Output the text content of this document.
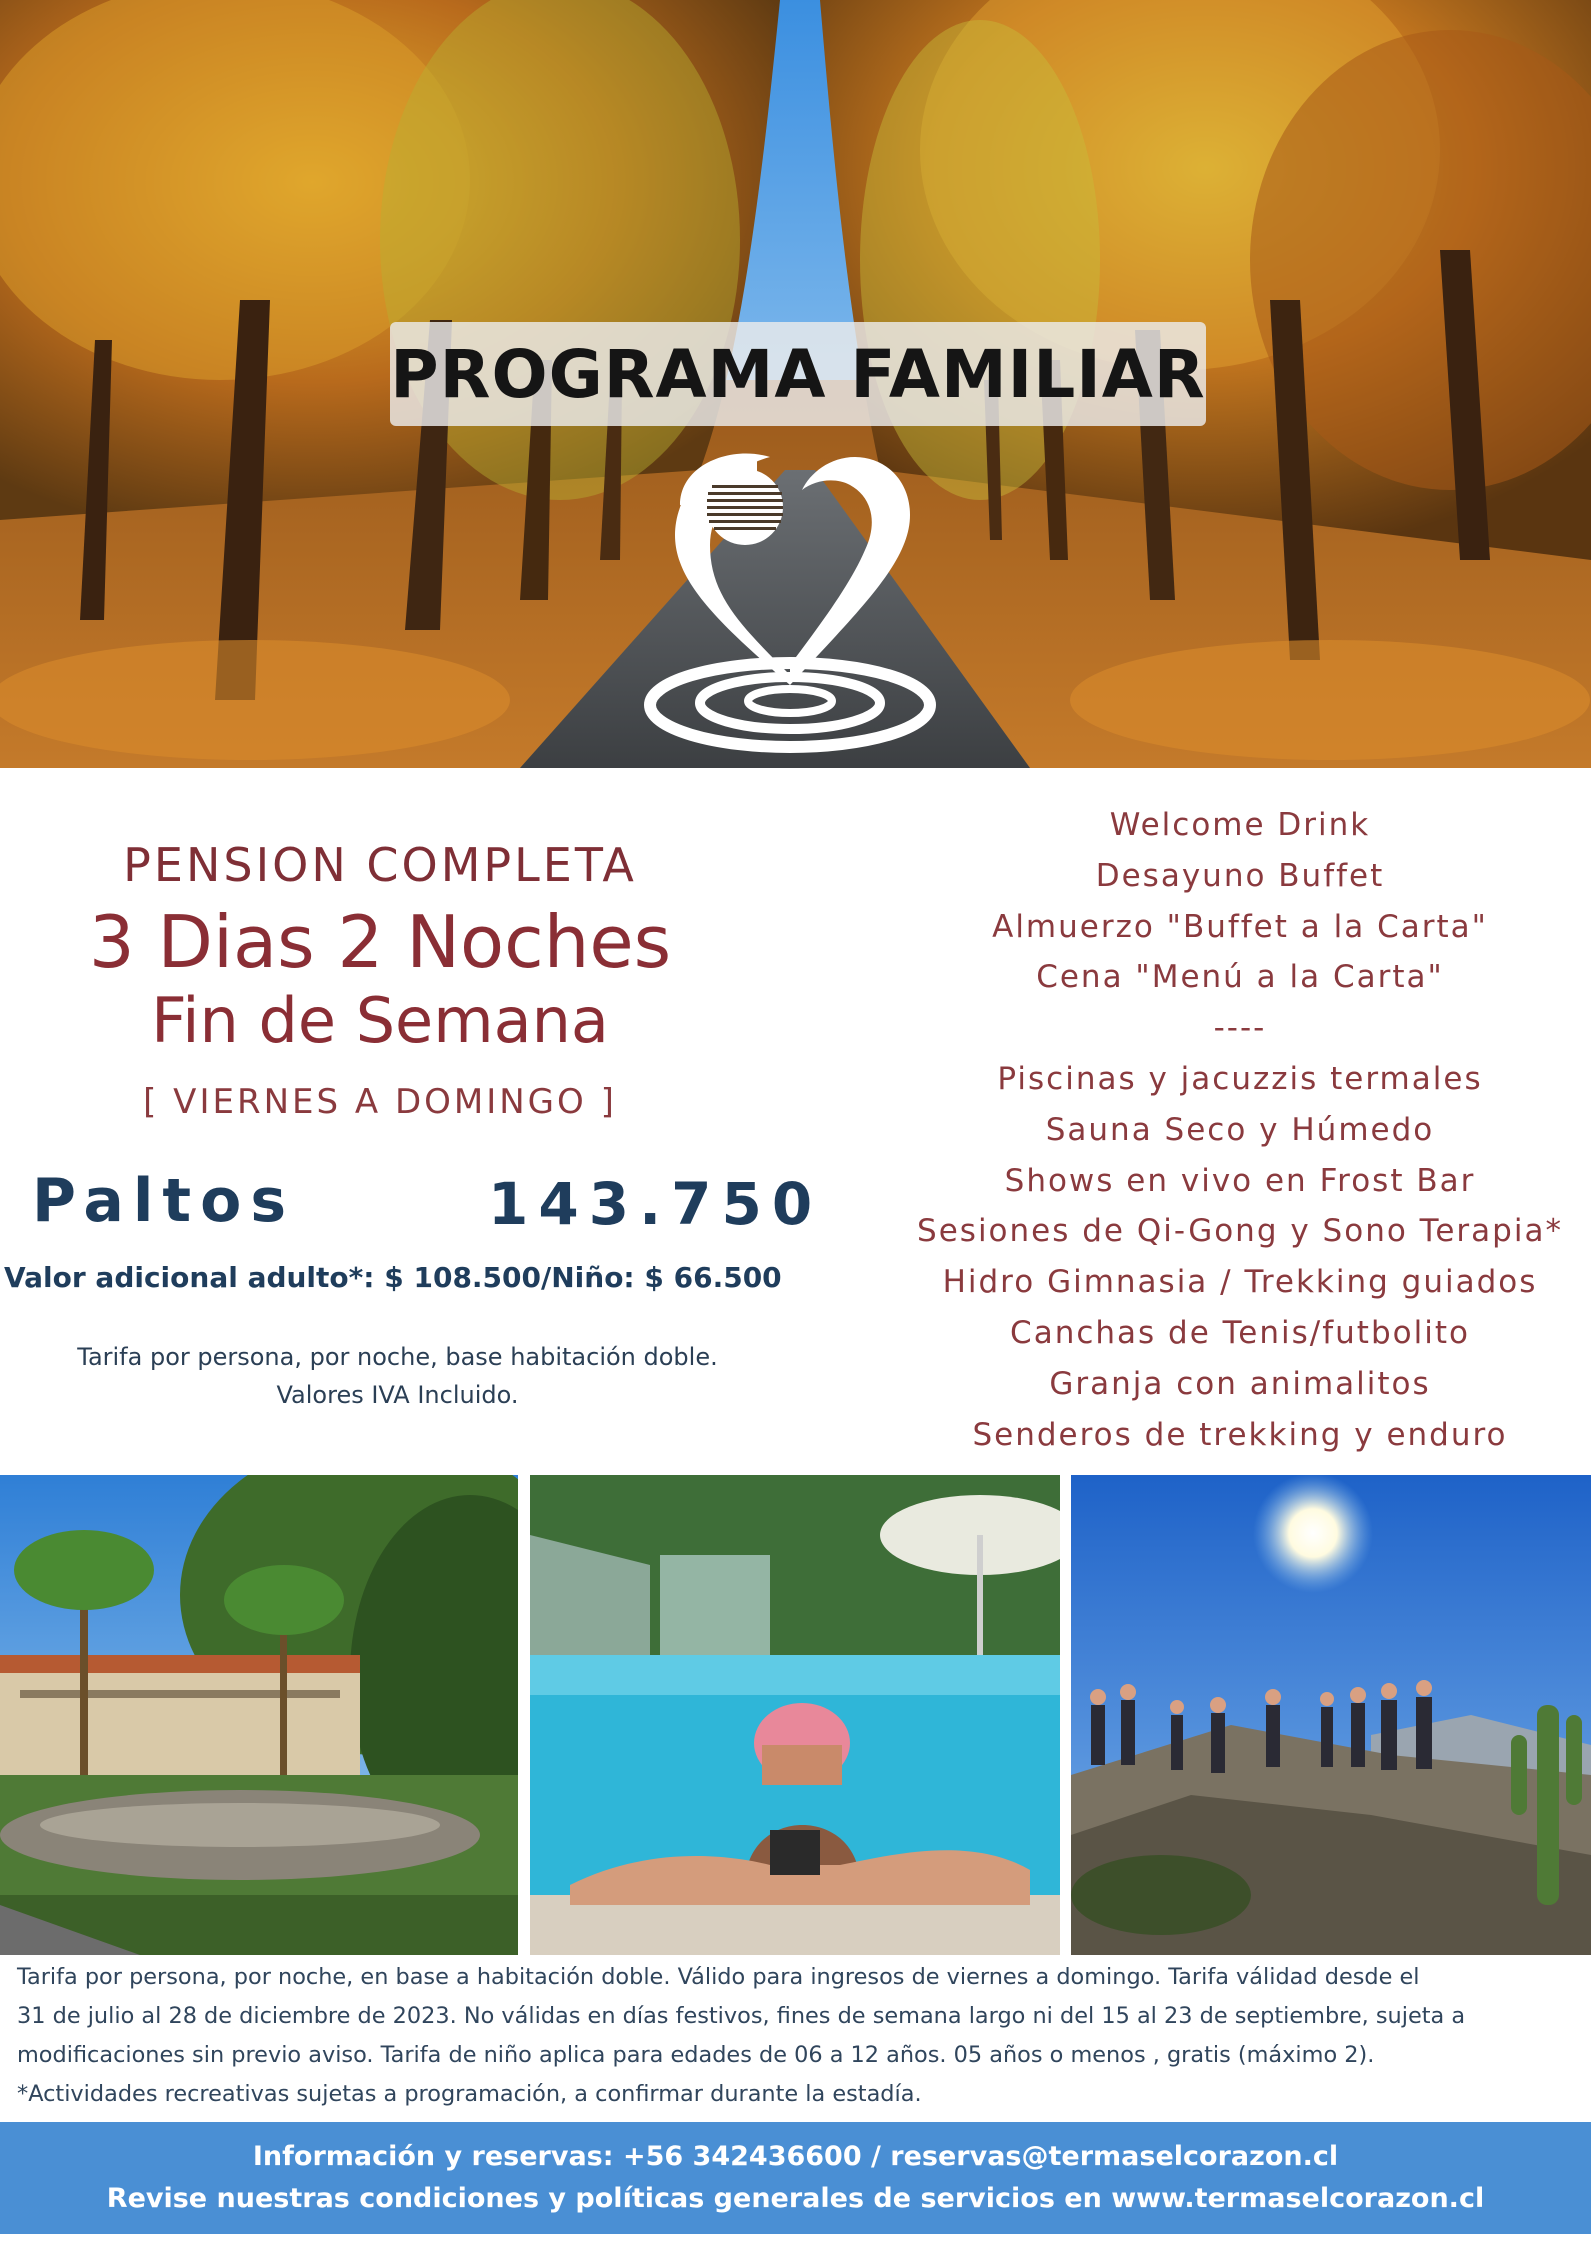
PROGRAMA FAMILIAR
PENSION COMPLETA
3 Dias 2 Noches
Fin de Semana
[ VIERNES A DOMINGO ]
Paltos	143.750
Valor adicional adulto*: $ 108.500/Niño: $ 66.500
Tarifa por persona, por noche, base habitación doble.
Valores IVA Incluido.
Welcome Drink
Desayuno Buffet
Almuerzo "Buffet a la Carta"
Cena "Menú a la Carta"
----
Piscinas y jacuzzis termales
Sauna Seco y Húmedo
Shows en vivo en Frost Bar
Sesiones de Qi-Gong y Sono Terapia*
Hidro Gimnasia / Trekking guiados
Canchas de Tenis/futbolito
Granja con animalitos
Senderos de trekking y enduro

Tarifa por persona, por noche, en base a habitación doble. Válido para ingresos de viernes a domingo. Tarifa válidad desde el

31 de julio al 28 de diciembre de 2023. No válidas en días festivos, fines de semana largo ni del 15 al 23 de septiembre, sujeta a

modificaciones sin previo aviso. Tarifa de niño aplica para edades de 06 a 12 años. 05 años o menos , gratis (máximo 2).

*Actividades recreativas sujetas a programación, a confirmar durante la estadía.

Información y reservas: +56 342436600 / reservas@termaselcorazon.cl
Revise nuestras condiciones y políticas generales de servicios en www.termaselcorazon.cl
